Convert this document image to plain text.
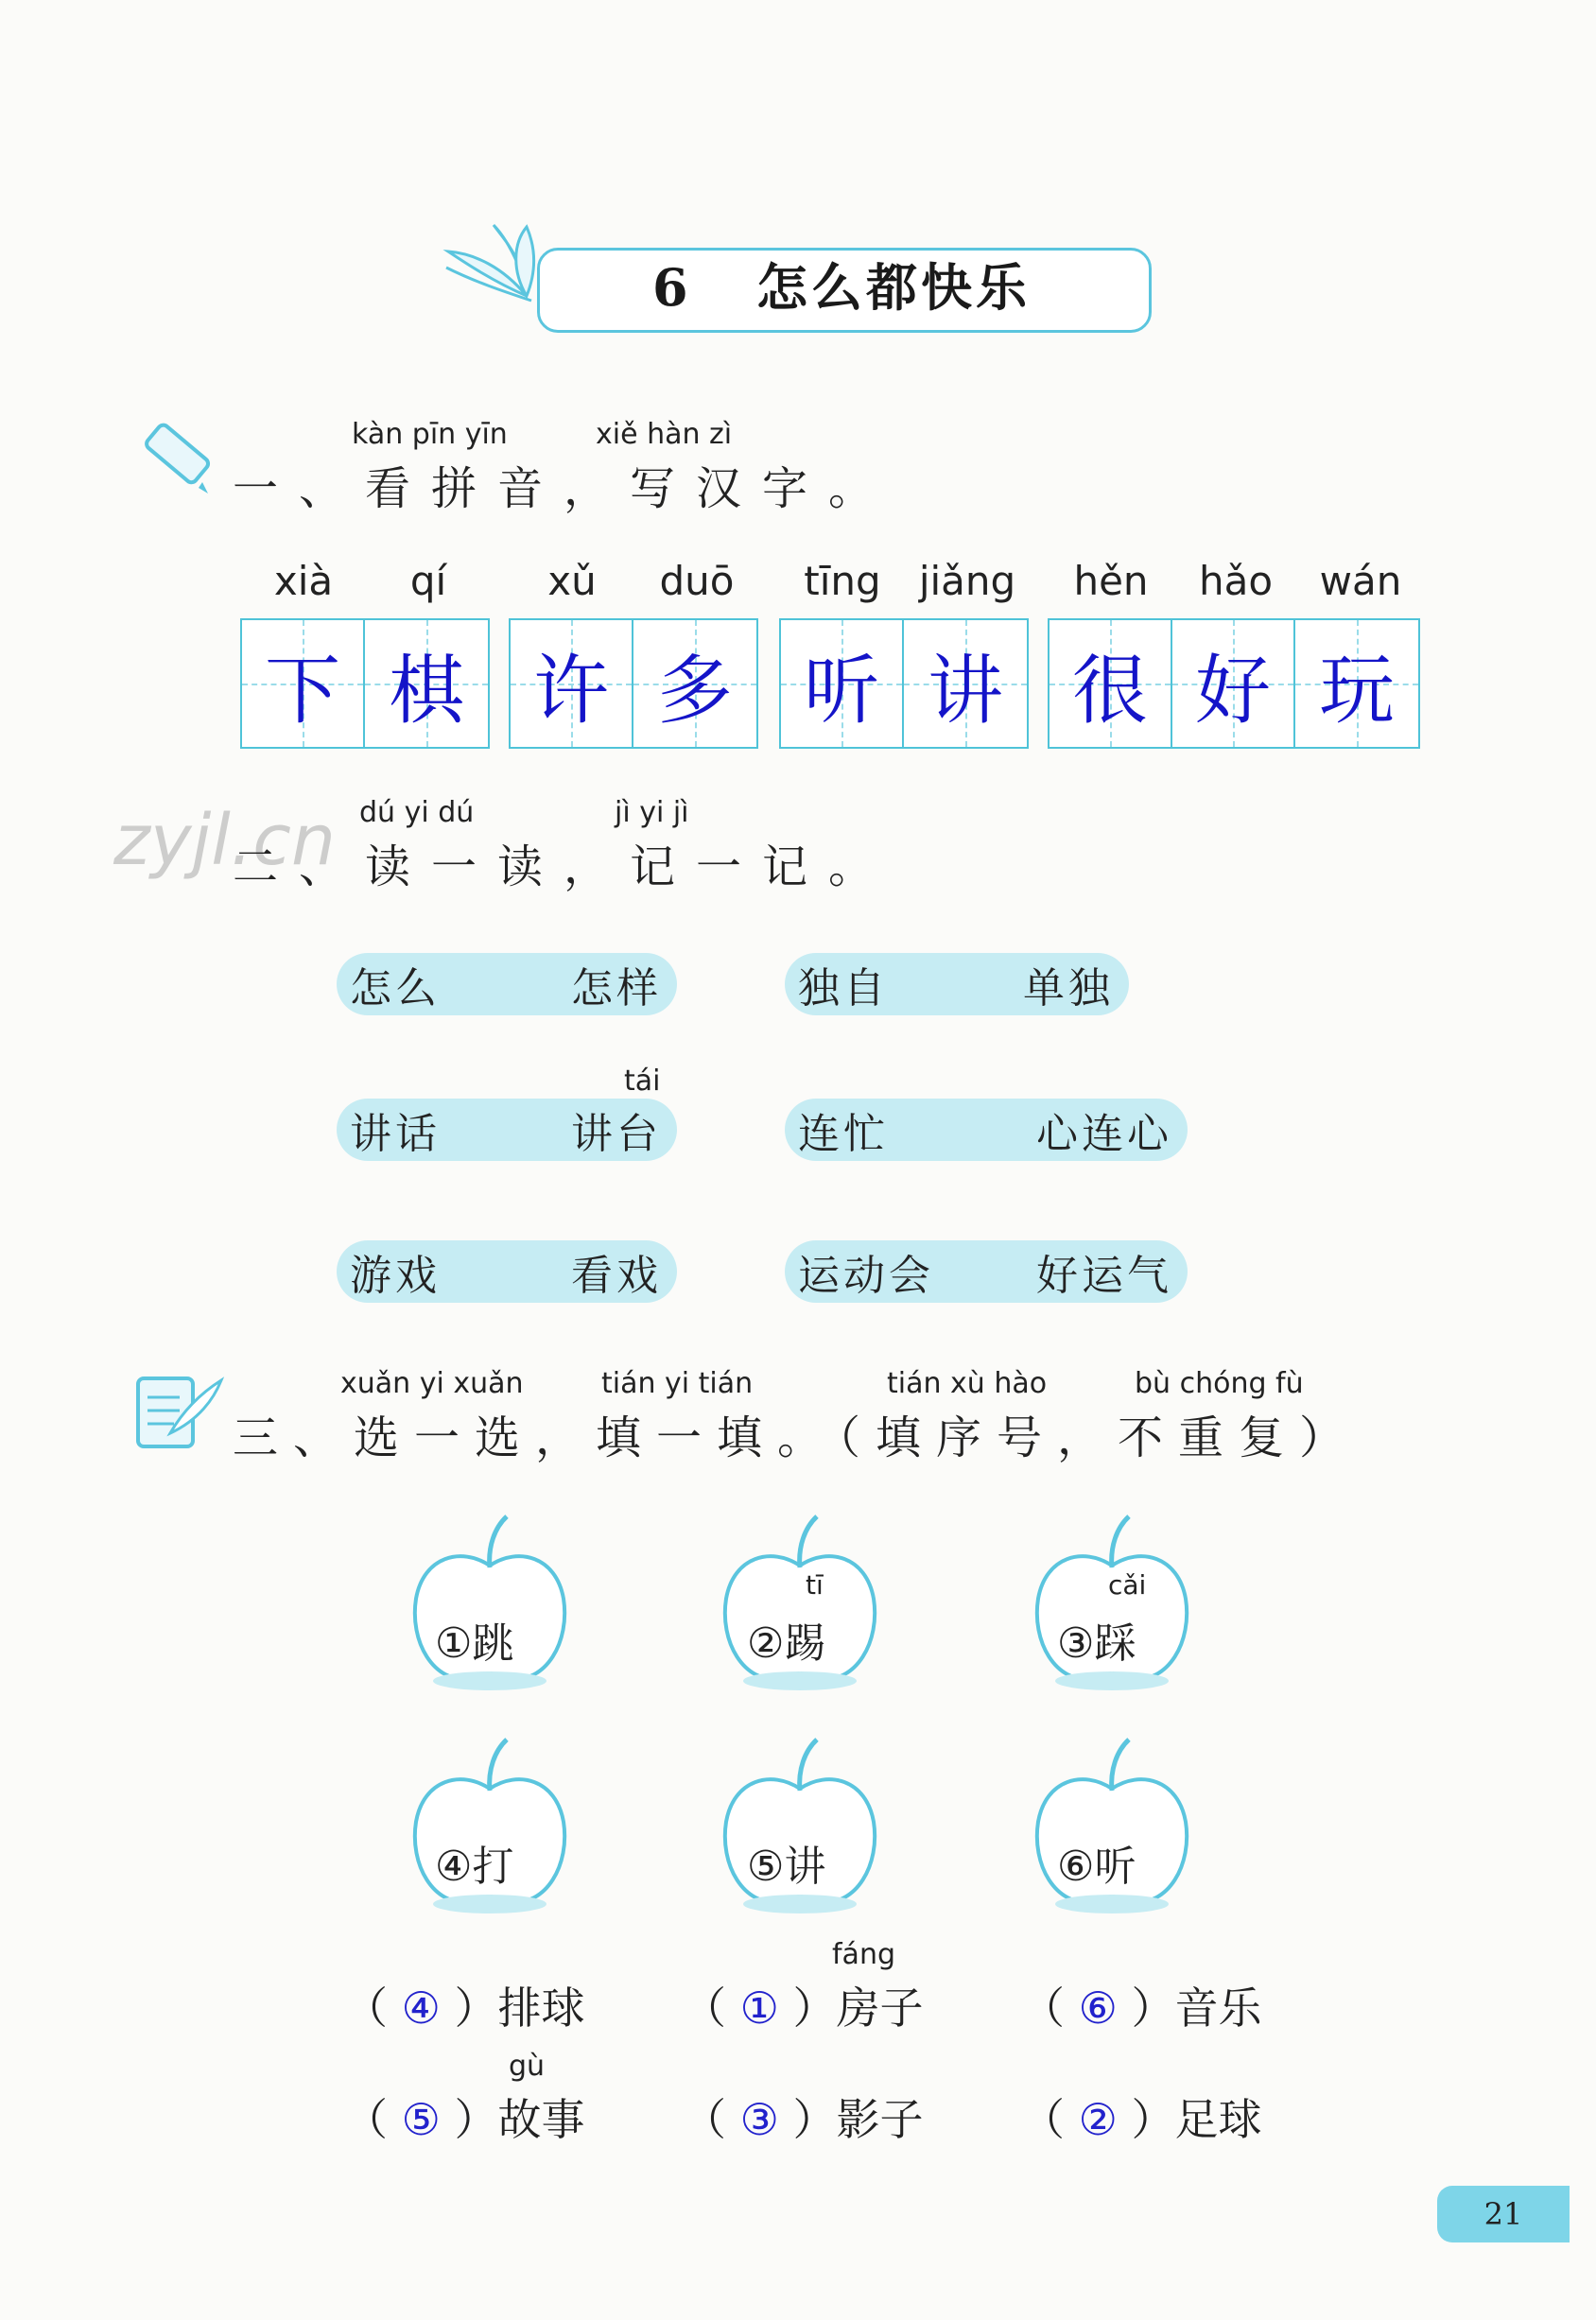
6 怎么都快乐
kàn pīn yīn	xiě hàn zì
一、看拼音，写汉字。
xià	qí	xǔ	duō	tīng jiǎng	hěn	hǎo	wán
下 棋 许 多 听 讲 很 好 玩
zyjl.cn dú yi dú	jì yi jì
二、读一读，记一记。
怎么	怎样	独自	单独
tái
讲话	讲台	连忙	心连心
游戏	看戏	运动会 好运气
xuǎn yi xuǎn	tián yi tián	tián xù hào	bù chóng fù
三、选一选，填一填。（填序号，不重复）
tī	cǎi
①跳	②踢	③踩
④打	⑤讲	⑥听
fáng
（ ④ ）排球 （ ① ）房子 （ ⑥ ）音乐
gù
（ ⑤ ）故事 （ ③ ）影子 （ ② ）足球
21
